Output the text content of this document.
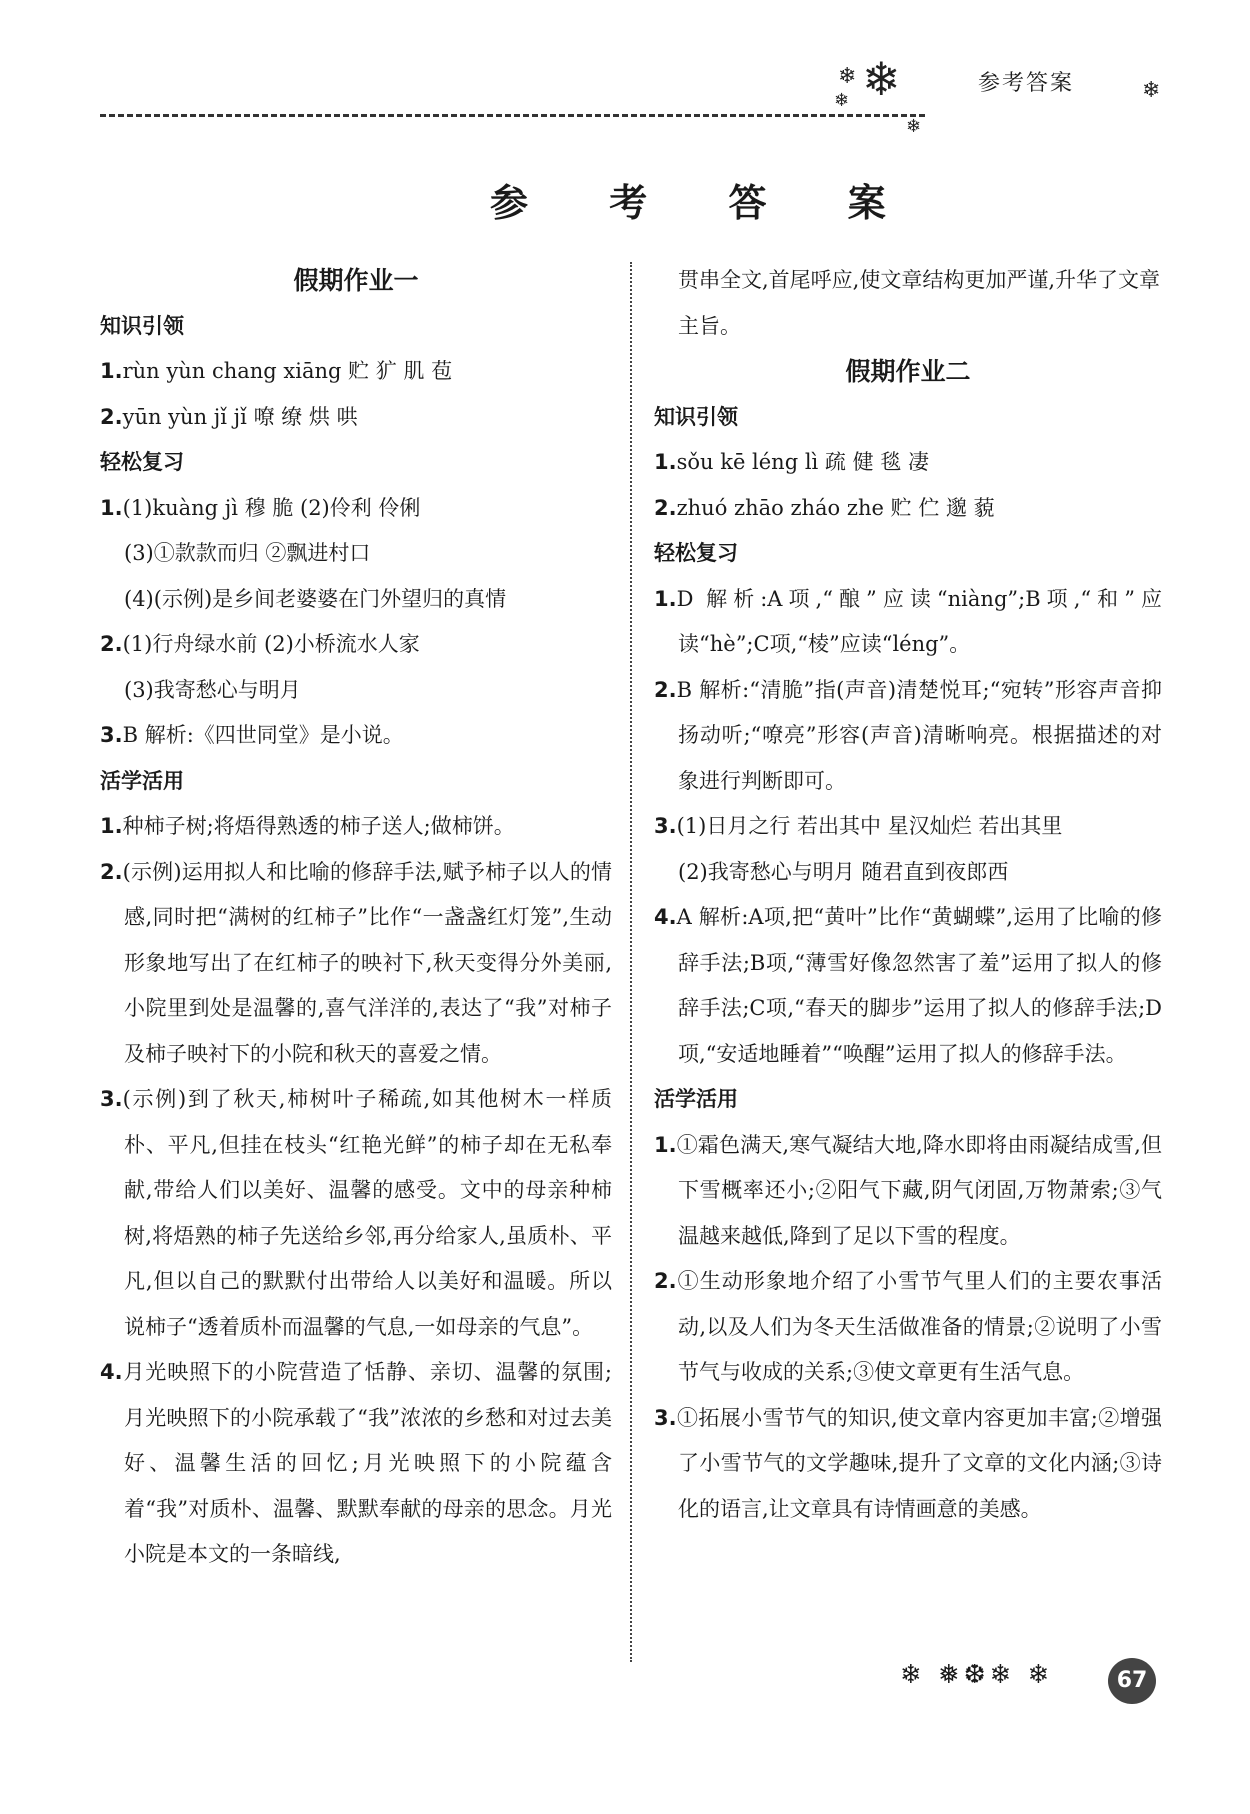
❄ ❄
❄
❄
❄
参考答案
参 考 答 案
假期作业一
知识引领
1.rùn yùn chang xiāng 贮 犷 肌 苞
2.yūn yùn jǐ jǐ 嘹 缭 烘 哄
轻松复习
1.(1)kuàng jì 穆 脆 (2)伶利 伶俐
(3)①款款而归 ②飘进村口
(4)(示例)是乡间老婆婆在门外望归的真情
2.(1)行舟绿水前 (2)小桥流水人家
(3)我寄愁心与明月
3.B 解析:《四世同堂》是小说。
活学活用
1.种柿子树;将焐得熟透的柿子送人;做柿饼。
2.(示例)运用拟人和比喻的修辞手法,赋予柿子以人的情感,同时把“满树的红柿子”比作“一盏盏红灯笼”,生动形象地写出了在红柿子的映衬下,秋天变得分外美丽,小院里到处是温馨的,喜气洋洋的,表达了“我”对柿子及柿子映衬下的小院和秋天的喜爱之情。
3.(示例)到了秋天,柿树叶子稀疏,如其他树木一样质朴、平凡,但挂在枝头“红艳光鲜”的柿子却在无私奉献,带给人们以美好、温馨的感受。文中的母亲种柿树,将焐熟的柿子先送给乡邻,再分给家人,虽质朴、平凡,但以自己的默默付出带给人以美好和温暖。所以说柿子“透着质朴而温馨的气息,一如母亲的气息”。
4.月光映照下的小院营造了恬静、亲切、温馨的氛围;月光映照下的小院承载了“我”浓浓的乡愁和对过去美好、温馨生活的回忆;月光映照下的小院蕴含着“我”对质朴、温馨、默默奉献的母亲的思念。月光小院是本文的一条暗线,
贯串全文,首尾呼应,使文章结构更加严谨,升华了文章主旨。
假期作业二
知识引领
1.sǒu kē léng lì 疏 健 毯 凄
2.zhuó zhāo zháo zhe 贮 伫 邈 藐
轻松复习
1.D 解析:A项,“酿”应读“niàng”;B项,“和”应读“hè”;C项,“棱”应读“léng”。
2.B 解析:“清脆”指(声音)清楚悦耳;“宛转”形容声音抑扬动听;“嘹亮”形容(声音)清晰响亮。根据描述的对象进行判断即可。
3.(1)日月之行 若出其中 星汉灿烂 若出其里
(2)我寄愁心与明月 随君直到夜郎西
4.A 解析:A项,把“黄叶”比作“黄蝴蝶”,运用了比喻的修辞手法;B项,“薄雪好像忽然害了羞”运用了拟人的修辞手法;C项,“春天的脚步”运用了拟人的修辞手法;D项,“安适地睡着”“唤醒”运用了拟人的修辞手法。
活学活用
1.①霜色满天,寒气凝结大地,降水即将由雨凝结成雪,但下雪概率还小;②阳气下藏,阴气闭固,万物萧索;③气温越来越低,降到了足以下雪的程度。
2.①生动形象地介绍了小雪节气里人们的主要农事活动,以及人们为冬天生活做准备的情景;②说明了小雪节气与收成的关系;③使文章更有生活气息。
3.①拓展小雪节气的知识,使文章内容更加丰富;②增强了小雪节气的文学趣味,提升了文章的文化内涵;③诗化的语言,让文章具有诗情画意的美感。
❄ ❅❆❄ ❄	67
